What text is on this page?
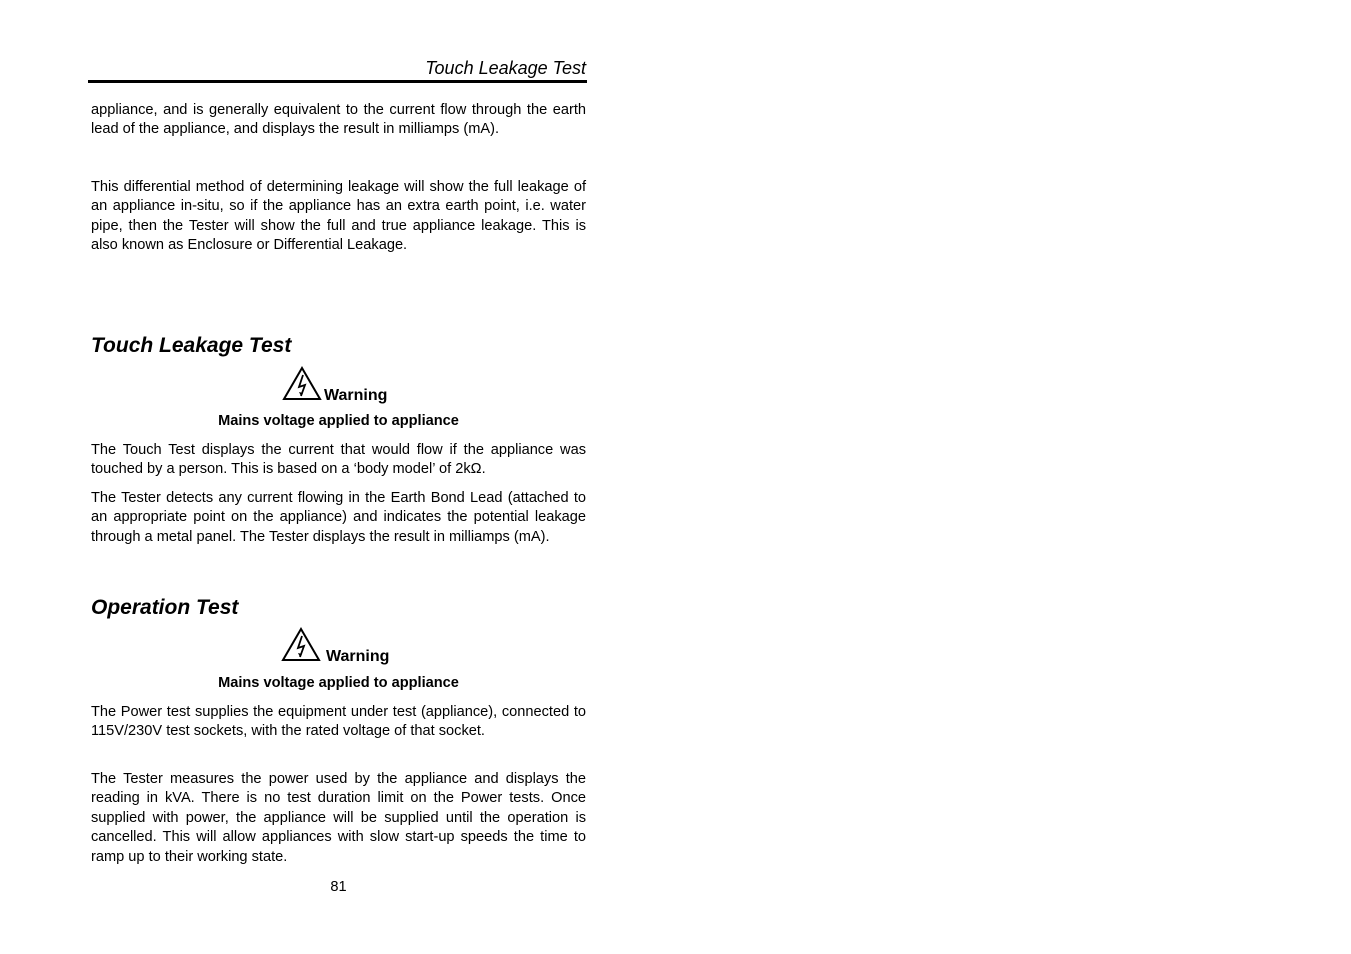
Touch Leakage Test

appliance, and is generally equivalent to the current flow through the earth lead of the appliance, and displays the result in milliamps (mA).

This differential method of determining leakage will show the full leakage of an appliance in-situ, so if the appliance has an extra earth point, i.e. water pipe, then the Tester will show the full and true appliance leakage. This is also known as Enclosure or Differential Leakage.

Touch Leakage Test
Warning
Mains voltage applied to appliance

The Touch Test displays the current that would flow if the appliance was touched by a person. This is based on a ‘body model’ of 2kΩ.

The Tester detects any current flowing in the Earth Bond Lead (attached to an appropriate point on the appliance) and indicates the potential leakage through a metal panel. The Tester displays the result in milliamps (mA).

Operation Test
Warning
Mains voltage applied to appliance

The Power test supplies the equipment under test (appliance), connected to 115V/230V test sockets, with the rated voltage of that socket.

The Tester measures the power used by the appliance and displays the reading in kVA. There is no test duration limit on the Power tests. Once supplied with power, the appliance will be supplied until the operation is cancelled. This will allow appliances with slow start-up speeds the time to ramp up to their working state.

81
